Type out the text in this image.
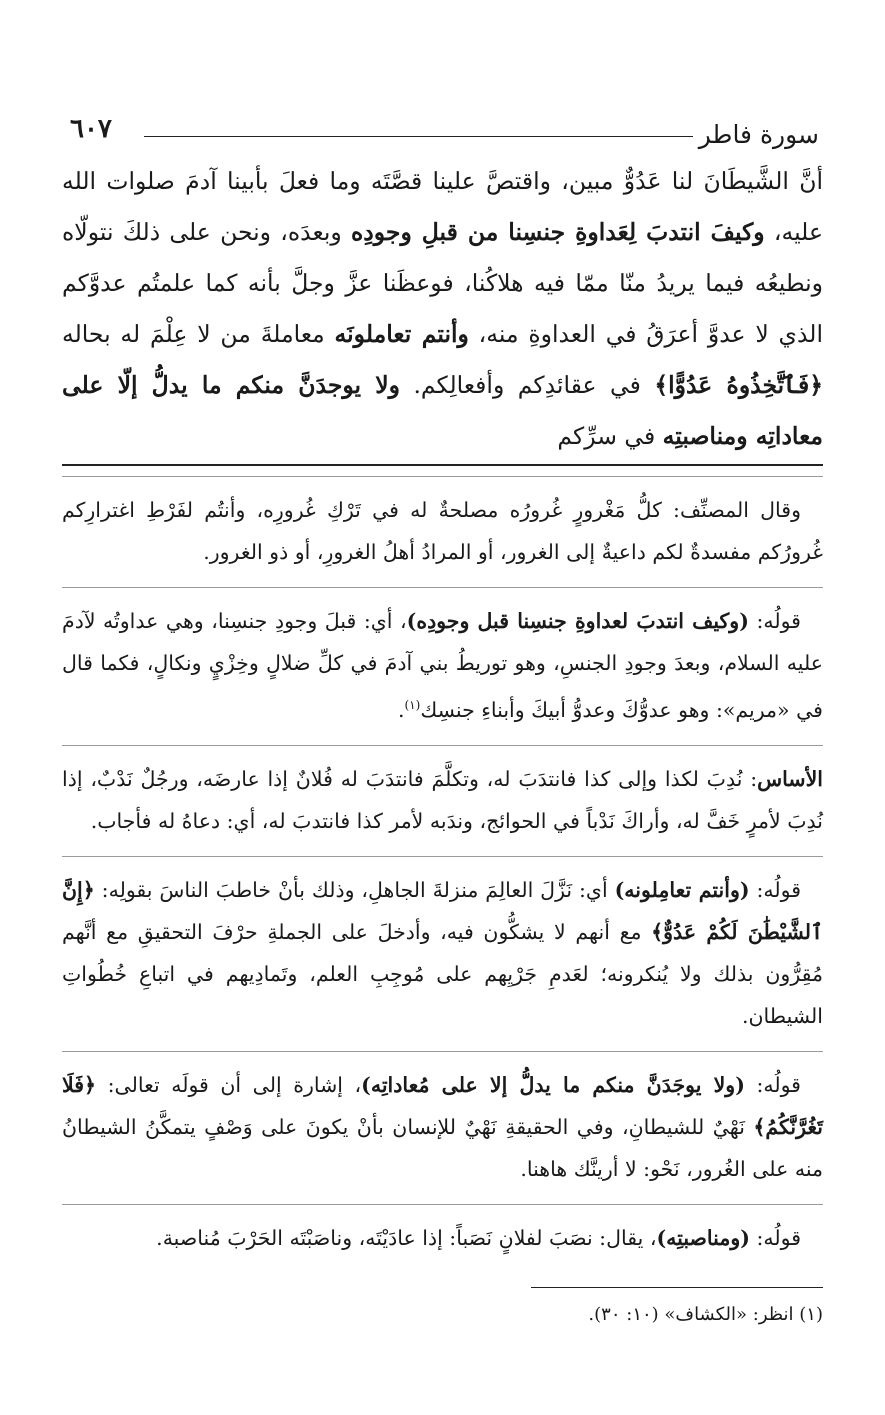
سورة فاطر
٦٠٧
أنَّ الشَّيطَانَ لنا عَدُوٌّ مبين، واقتصَّ علينا قصَّتَه وما فعلَ بأبينا آدمَ صلوات الله عليه، وكيفَ انتدبَ لِعَداوةِ جنسِنا من قبلِ وجودِه وبعدَه، ونحن على ذلكَ نتولّاه ونطيعُه فيما يريدُ منّا ممّا فيه هلاكُنا، فوعظَنا عزَّ وجلَّ بأنه كما علمتُم عدوَّكم الذي لا عدوَّ أعرَقُ في العداوةِ منه، وأنتم تعاملونَه معاملةَ من لا عِلْمَ له بحاله ﴿فَٱتَّخِذُوهُ عَدُوًّا﴾ في عقائدِكم وأفعالِكم. ولا يوجدَنَّ منكم ما يدلُّ إلّا على معاداتِه ومناصبتِه في سرِّكم
وقال المصنِّف: كلُّ مَغْرورٍ غُرورُه مصلحةٌ له في تَرْكِ غُرورِه، وأنتُم لفَرْطِ اغترارِكم غُرورُكم مفسدةٌ لكم داعيةٌ إلى الغرور، أو المرادُ أهلُ الغرورِ، أو ذو الغرور.
قولُه: (وكيف انتدبَ لعداوةِ جنسِنا قبل وجودِه)، أي: قبلَ وجودِ جنسِنا، وهي عداوتُه لآدمَ عليه السلام، وبعدَ وجودِ الجنسِ، وهو توريطُ بني آدمَ في كلِّ ضلالٍ وخِزْيٍ ونكالٍ، فكما قال في «مريم»: وهو عدوُّكَ وعدوُّ أبيكَ وأبناءِ جنسِك$^{(١)}$.
الأساس: نُدِبَ لكذا وإلى كذا فانتدَبَ له، وتكلَّمَ فانتدَبَ له فُلانٌ إذا عارضَه، ورجُلٌ نَدْبٌ، إذا نُدِبَ لأمرٍ خَفَّ له، وأراكَ نَدْباً في الحوائج، وندَبه لأمر كذا فانتدبَ له، أي: دعاهُ له فأجاب.
قولُه: (وأنتم تعامِلونه) أي: نَزَّلَ العالِمَ منزلةَ الجاهلِ، وذلك بأنْ خاطبَ الناسَ بقولِه: ﴿إِنَّ ٱلشَّيْطَٰنَ لَكُمْ عَدُوٌّ﴾ مع أنهم لا يشكُّون فيه، وأدخلَ على الجملةِ حرْفَ التحقيقِ مع أنَّهم مُقِرُّون بذلك ولا يُنكرونه؛ لعَدمِ جَرْيِهم على مُوجِبِ العلم، وتَمادِيهم في اتباعِ خُطُواتِ الشيطان.
قولُه: (ولا يوجَدَنَّ منكم ما يدلُّ إلا على مُعاداتِه)، إشارة إلى أن قولَه تعالى: ﴿فَلَا تَغُرَّنَّكُمُ﴾ نَهْيٌ للشيطانِ، وفي الحقيقةِ نَهْيٌ للإنسان بأنْ يكونَ على وَصْفٍ يتمكَّنُ الشيطانُ منه على الغُرور، نَحْو: لا أرينَّك هاهنا.
قولُه: (ومناصبتِه)، يقال: نصَبَ لفلانٍ نَصَباً: إذا عادَيْتَه، وناصَبْتَه الحَرْبَ مُناصبة.
(١) انظر: «الكشاف» (١٠: ٣٠).
